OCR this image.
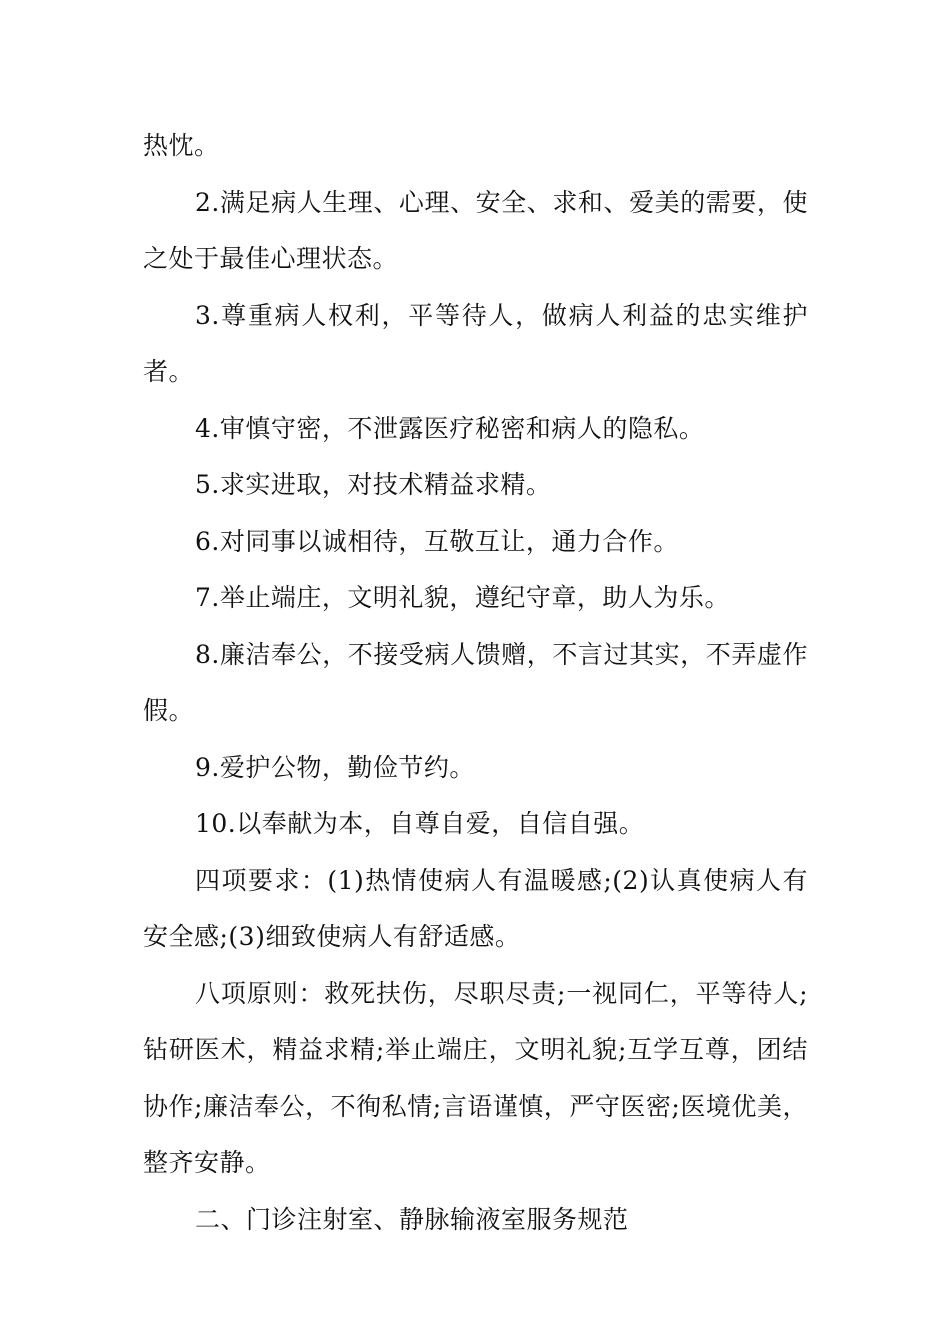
热忱。

2.满足病人生理、心理、安全、求和、爱美的需要，使之处于最佳心理状态。

3.尊重病人权利，平等待人，做病人利益的忠实维护者。

4.审慎守密，不泄露医疗秘密和病人的隐私。

5.求实进取，对技术精益求精。

6.对同事以诚相待，互敬互让，通力合作。

7.举止端庄，文明礼貌，遵纪守章，助人为乐。

8.廉洁奉公，不接受病人馈赠，不言过其实，不弄虚作假。

9.爱护公物，勤俭节约。

10.以奉献为本，自尊自爱，自信自强。

四项要求：(1)热情使病人有温暖感;(2)认真使病人有安全感;(3)细致使病人有舒适感。

八项原则：救死扶伤，尽职尽责;一视同仁，平等待人;钻研医术，精益求精;举止端庄，文明礼貌;互学互尊，团结协作;廉洁奉公，不徇私情;言语谨慎，严守医密;医境优美，整齐安静。

二、门诊注射室、静脉输液室服务规范
